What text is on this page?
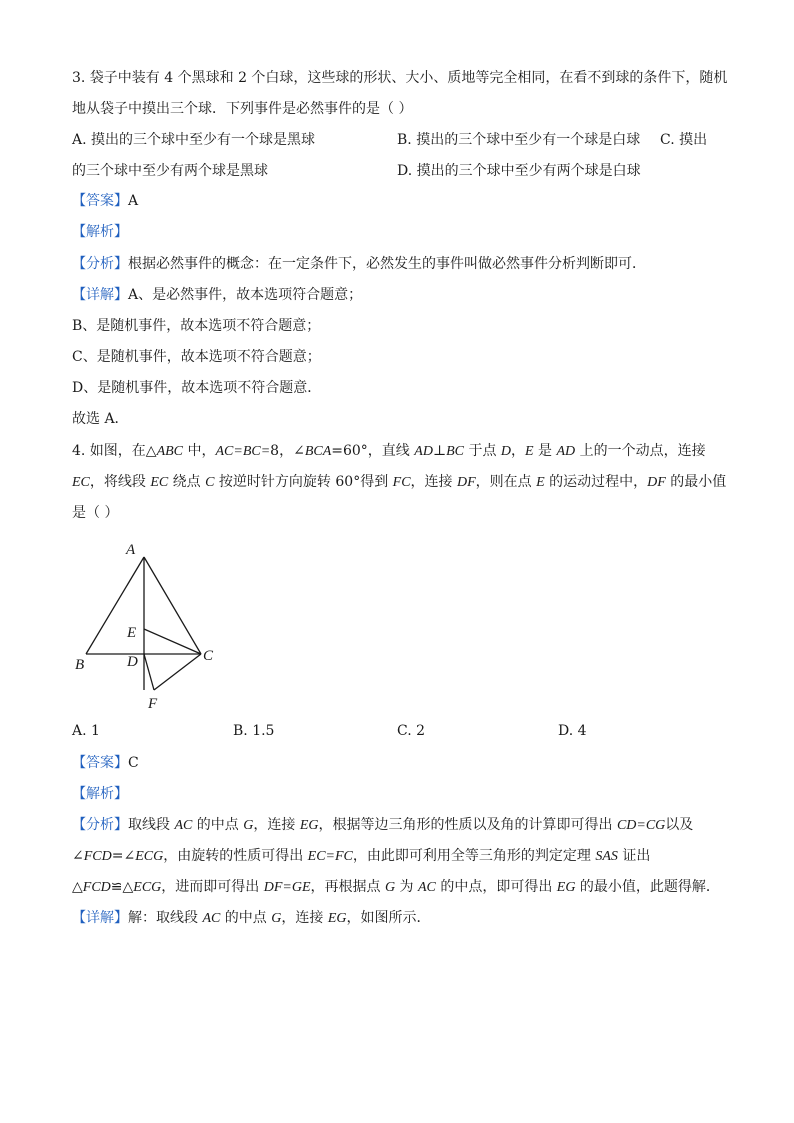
3. 袋子中装有 4 个黑球和 2 个白球，这些球的形状、大小、质地等完全相同，在看不到球的条件下，随机
地从袋子中摸出三个球．下列事件是必然事件的是（ ）
A. 摸出的三个球中至少有一个球是黑球	B. 摸出的三个球中至少有一个球是白球 C. 摸出
的三个球中至少有两个球是黑球	D. 摸出的三个球中至少有两个球是白球
【答案】A
【解析】
【分析】根据必然事件的概念：在一定条件下，必然发生的事件叫做必然事件分析判断即可．
【详解】A、是必然事件，故本选项符合题意；
B、是随机事件，故本选项不符合题意；
C、是随机事件，故本选项不符合题意；
D、是随机事件，故本选项不符合题意．
故选 A．
4. 如图，在△ABC 中，AC=BC=8，∠BCA=60°，直线 AD⊥BC 于点 D，E 是 AD 上的一个动点，连接
EC，将线段 EC 绕点 C 按逆时针方向旋转 60°得到 FC，连接 DF，则在点 E 的运动过程中，DF 的最小值
是（ ）
A
B
C
D
E
F
A. 1	B. 1.5	C. 2	D. 4
【答案】C
【解析】
【分析】取线段 AC 的中点 G，连接 EG，根据等边三角形的性质以及角的计算即可得出 CD=CG以及
∠FCD=∠ECG，由旋转的性质可得出 EC=FC，由此即可利用全等三角形的判定定理 SAS 证出
△FCD≌△ECG，进而即可得出 DF=GE，再根据点 G 为 AC 的中点，即可得出 EG 的最小值，此题得解．
【详解】解：取线段 AC 的中点 G，连接 EG，如图所示．
